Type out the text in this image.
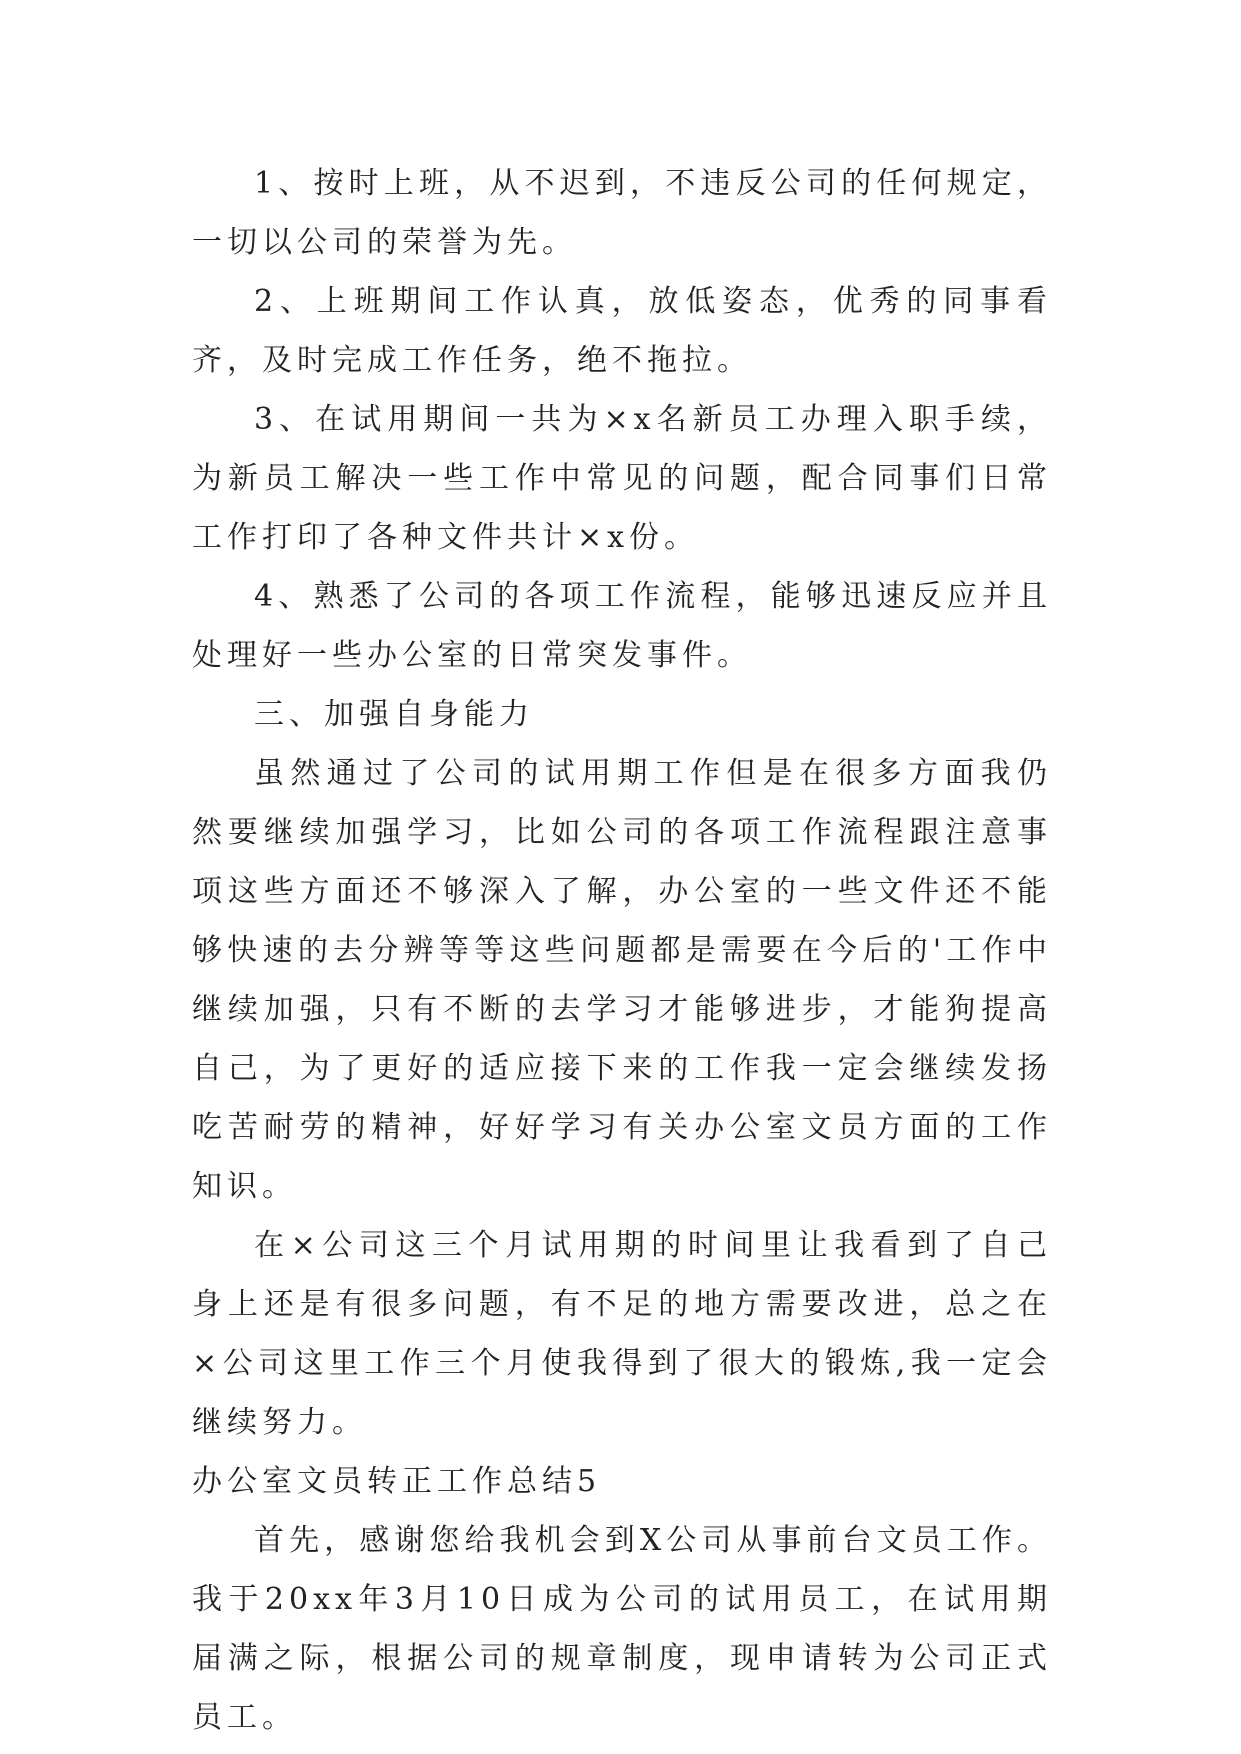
1、按时上班，从不迟到，不违反公司的任何规定，一切以公司的荣誉为先。

2、上班期间工作认真，放低姿态，优秀的同事看齐，及时完成工作任务，绝不拖拉。

3、在试用期间一共为×x名新员工办理入职手续，为新员工解决一些工作中常见的问题，配合同事们日常工作打印了各种文件共计×x份。

4、熟悉了公司的各项工作流程，能够迅速反应并且处理好一些办公室的日常突发事件。

三、加强自身能力

虽然通过了公司的试用期工作但是在很多方面我仍然要继续加强学习，比如公司的各项工作流程跟注意事项这些方面还不够深入了解，办公室的一些文件还不能够快速的去分辨等等这些问题都是需要在今后的'工作中继续加强，只有不断的去学习才能够进步，才能狗提高自己，为了更好的适应接下来的工作我一定会继续发扬吃苦耐劳的精神，好好学习有关办公室文员方面的工作知识。

在×公司这三个月试用期的时间里让我看到了自己身上还是有很多问题，有不足的地方需要改进，总之在×公司这里工作三个月使我得到了很大的锻炼,我一定会继续努力。

办公室文员转正工作总结5

首先，感谢您给我机会到X公司从事前台文员工作。我于20xx年3月10日成为公司的试用员工，在试用期届满之际，根据公司的规章制度，现申请转为公司正式员工。
